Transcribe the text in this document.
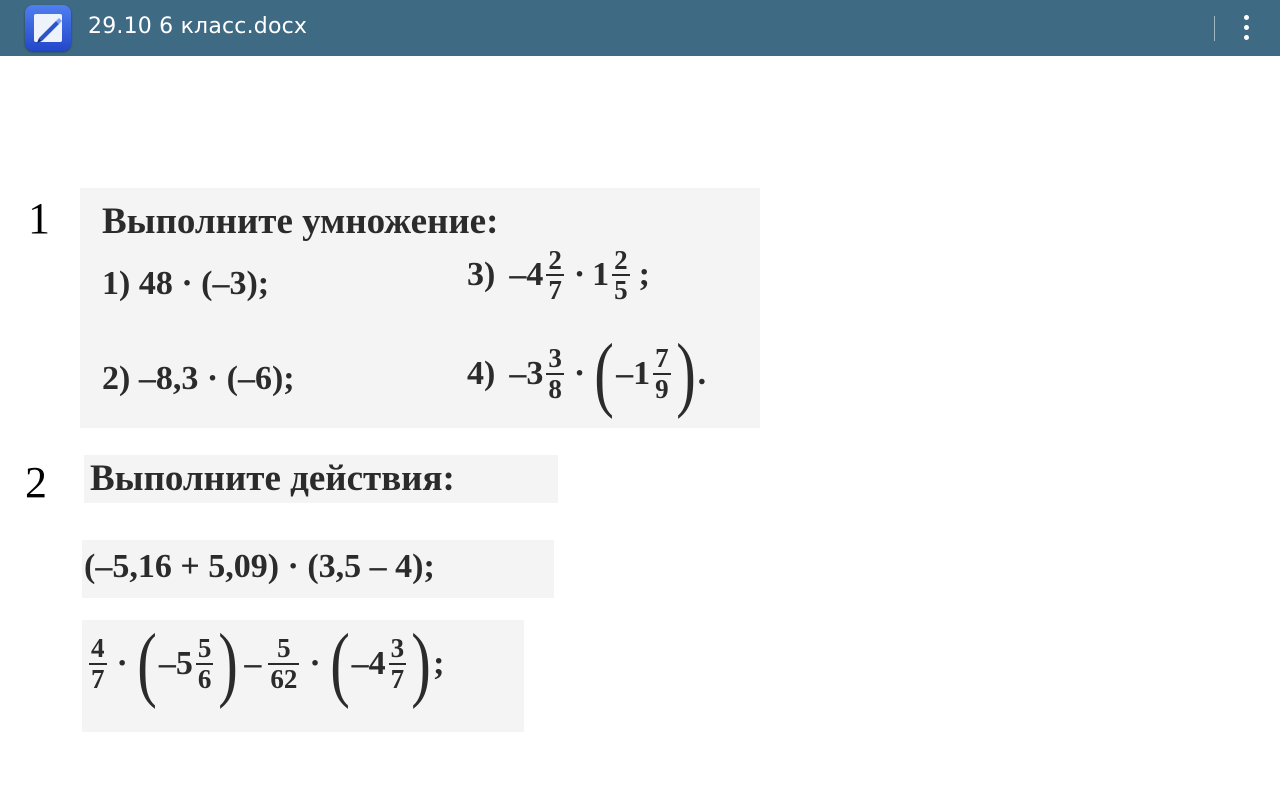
29.10 6 класс.docx
1 Выполните умножение:
1) 48 · (–3);
2) –8,3 · (–6);
3) $-4 \frac{2}{7} \cdot 1 \frac{2}{5}$ ;
4) $-3 \frac{3}{8}$ · ( $-1 \frac{7}{9}$ ) .
2 Выполните действия:
(–5,16 + 5,09) · (3,5 – 4);
$\frac{4}{7}$ · ( $-5 \frac{5}{6}$ ) – $\frac{5}{62}$ · ( $-4 \frac{3}{7}$ ) ;
